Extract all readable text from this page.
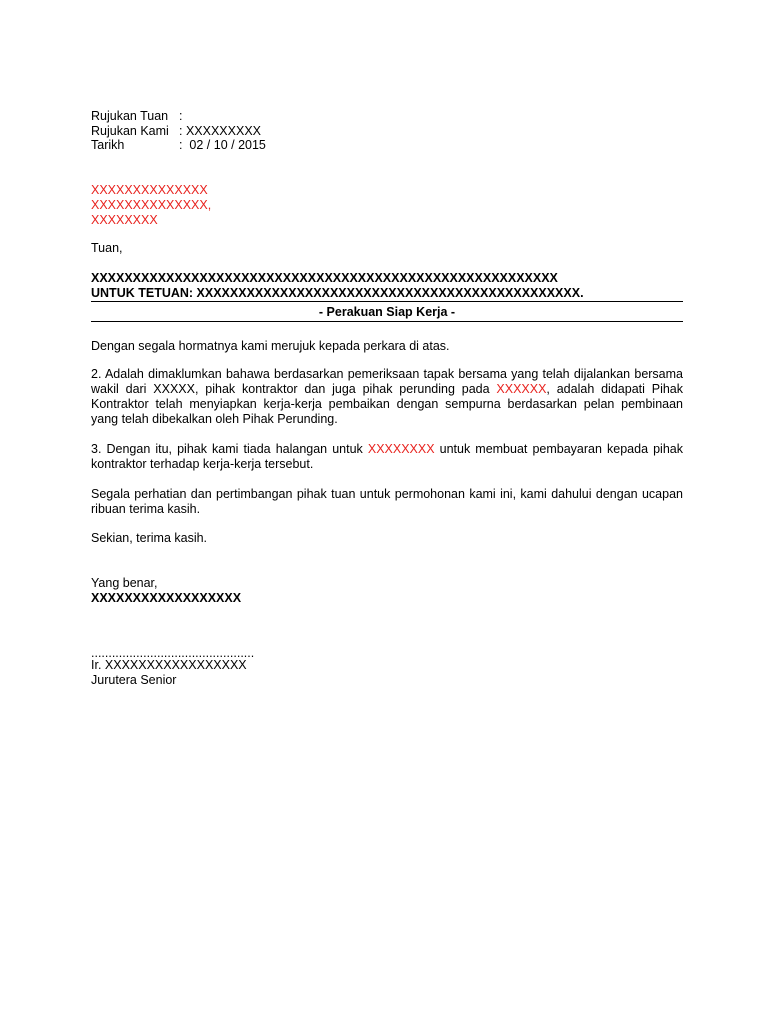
Rujukan Tuan :
Rujukan Kami : XXXXXXXXX
Tarikh	: 02 / 10 / 2015
XXXXXXXXXXXXXX
XXXXXXXXXXXXXX,
XXXXXXXX
Tuan,
XXXXXXXXXXXXXXXXXXXXXXXXXXXXXXXXXXXXXXXXXXXXXXXXXXXXXXXX
UNTUK TETUAN: XXXXXXXXXXXXXXXXXXXXXXXXXXXXXXXXXXXXXXXXXXXXXX.
- Perakuan Siap Kerja -
Dengan segala hormatnya kami merujuk kepada perkara di atas.
2. Adalah dimaklumkan bahawa berdasarkan pemeriksaan tapak bersama yang telah dijalankan bersama wakil dari XXXXX, pihak kontraktor dan juga pihak perunding pada XXXXXX, adalah didapati Pihak Kontraktor telah menyiapkan kerja-kerja pembaikan dengan sempurna berdasarkan pelan pembinaan yang telah dibekalkan oleh Pihak Perunding.
3. Dengan itu, pihak kami tiada halangan untuk XXXXXXXX untuk membuat pembayaran kepada pihak kontraktor terhadap kerja-kerja tersebut.
Segala perhatian dan pertimbangan pihak tuan untuk permohonan kami ini, kami dahului dengan ucapan ribuan terima kasih.
Sekian, terima kasih.
Yang benar,
XXXXXXXXXXXXXXXXXX
...............................................
Ir. XXXXXXXXXXXXXXXXX
Jurutera Senior
